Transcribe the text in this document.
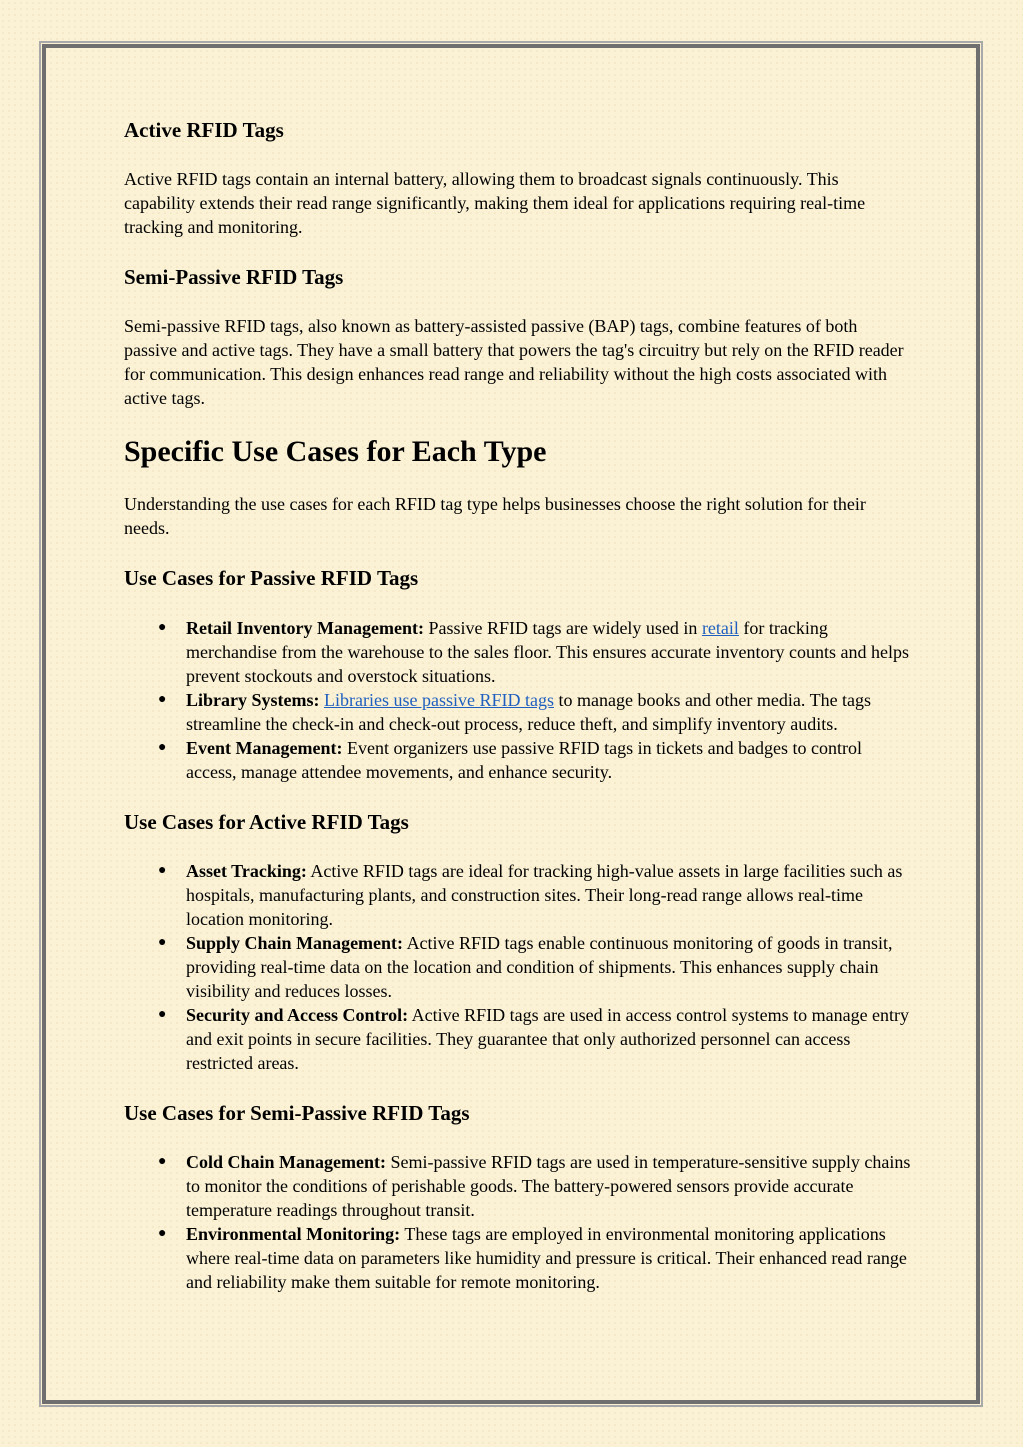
Active RFID Tags

Active RFID tags contain an internal battery, allowing them to broadcast signals continuously. This capability extends their read range significantly, making them ideal for applications requiring real-time tracking and monitoring.

Semi-Passive RFID Tags

Semi-passive RFID tags, also known as battery-assisted passive (BAP) tags, combine features of both passive and active tags. They have a small battery that powers the tag's circuitry but rely on the RFID reader for communication. This design enhances read range and reliability without the high costs associated with active tags.

Specific Use Cases for Each Type

Understanding the use cases for each RFID tag type helps businesses choose the right solution for their needs.

Use Cases for Passive RFID Tags
● Retail Inventory Management: Passive RFID tags are widely used in retail for tracking merchandise from the warehouse to the sales floor. This ensures accurate inventory counts and helps prevent stockouts and overstock situations.
● Library Systems: Libraries use passive RFID tags to manage books and other media. The tags streamline the check-in and check-out process, reduce theft, and simplify inventory audits.
● Event Management: Event organizers use passive RFID tags in tickets and badges to control access, manage attendee movements, and enhance security.
Use Cases for Active RFID Tags
● Asset Tracking: Active RFID tags are ideal for tracking high-value assets in large facilities such as hospitals, manufacturing plants, and construction sites. Their long-read range allows real-time location monitoring.
● Supply Chain Management: Active RFID tags enable continuous monitoring of goods in transit, providing real-time data on the location and condition of shipments. This enhances supply chain visibility and reduces losses.
● Security and Access Control: Active RFID tags are used in access control systems to manage entry and exit points in secure facilities. They guarantee that only authorized personnel can access restricted areas.
Use Cases for Semi-Passive RFID Tags
● Cold Chain Management: Semi-passive RFID tags are used in temperature-sensitive supply chains to monitor the conditions of perishable goods. The battery-powered sensors provide accurate temperature readings throughout transit.
● Environmental Monitoring: These tags are employed in environmental monitoring applications where real-time data on parameters like humidity and pressure is critical. Their enhanced read range and reliability make them suitable for remote monitoring.
